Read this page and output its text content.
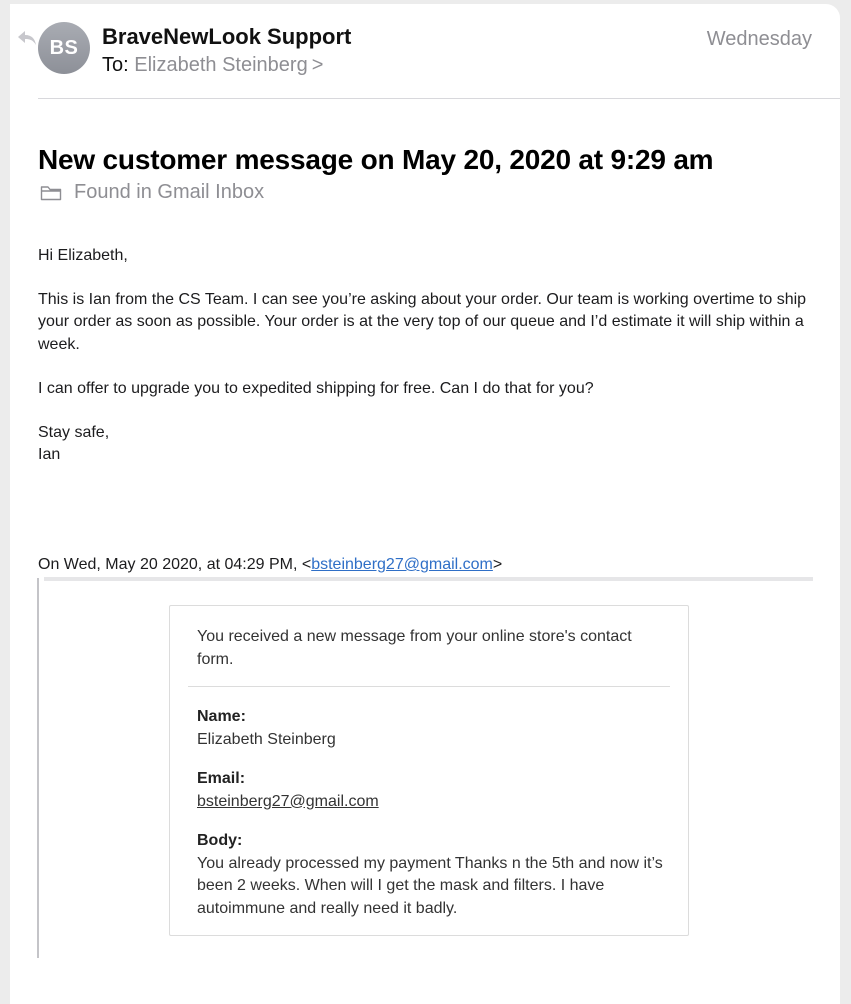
BS	BraveNewLook Support
To: Elizabeth Steinberg >
Wednesday
New customer message on May 20, 2020 at 9:29 am
Found in Gmail Inbox

Hi Elizabeth,

This is Ian from the CS Team. I can see you’re asking about your order. Our team is working overtime to ship your order as soon as possible. Your order is at the very top of our queue and I’d estimate it will ship within a week.

I can offer to upgrade you to expedited shipping for free. Can I do that for you?

Stay safe,
Ian
On Wed, May 20 2020, at 04:29 PM, <bsteinberg27@gmail.com>
You received a new message from your online store's contact form.
Name:
Elizabeth Steinberg
Email:
bsteinberg27@gmail.com
Body:
You already processed my payment Thanks n the 5th and now it’s been 2 weeks. When will I get the mask and filters. I have autoimmune and really need it badly.
